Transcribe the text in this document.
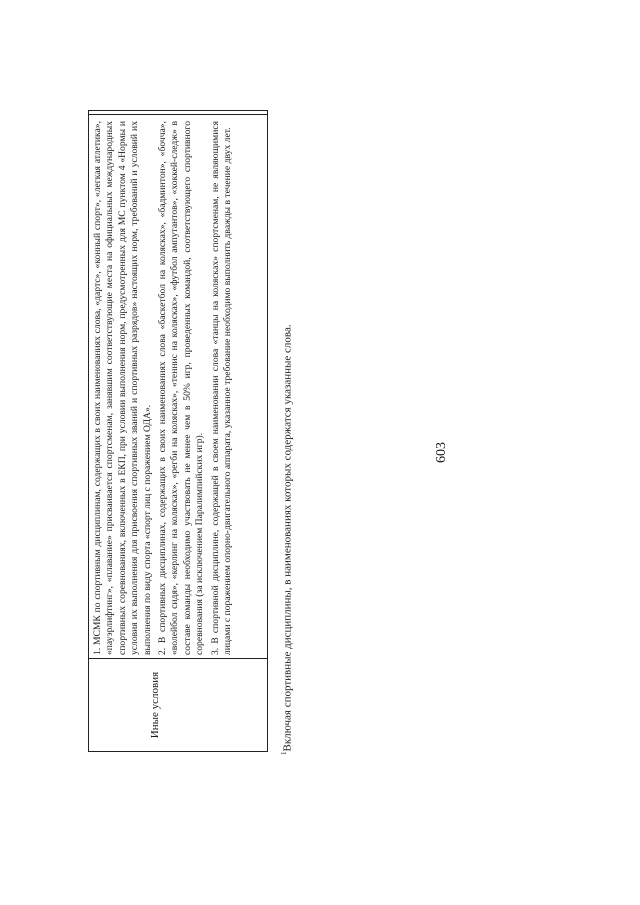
603
Иные условия

1. МСМК по спортивным дисциплинам, содержащих в своих наименованиях слова, «дартс», «конный спорт», «легкая атлетика», «пауэрлифтинг», «плавание» присваивается спортсменам, занявшим соответствующие места на официальных международных спортивных соревнованиях, включенных в ЕКП, при условии выполнения норм, предусмотренных для МС пунктом 4 «Нормы и условия их выполнения для присвоения спортивных званий и спортивных разрядов» настоящих норм, требований и условий их выполнения по виду спорта «спорт лиц с поражением ОДА». 2. В спортивных дисциплинах, содержащих в своих наименованиях слова «баскетбол на колясках», «бадминтон», «бочча», «волейбол сидя», «керлинг на колясках», «регби на колясках», «теннис на колясках», «футбол ампутантов», «хоккей-следж» в составе команды необходимо участвовать не менее чем в 50% игр, проведенных командой, соответствующего спортивного соревнования (за исключением Паралимпийских игр). 3. В спортивной дисциплине, содержащей в своем наименовании слова «танцы на колясках» спортсменам, не являющимися лицами с поражением опорно-двигательного аппарата, указанное требование необходимо выполнить дважды в течение двух лет.

$^1$Включая спортивные дисциплины, в наименованиях которых содержатся указанные слова.
